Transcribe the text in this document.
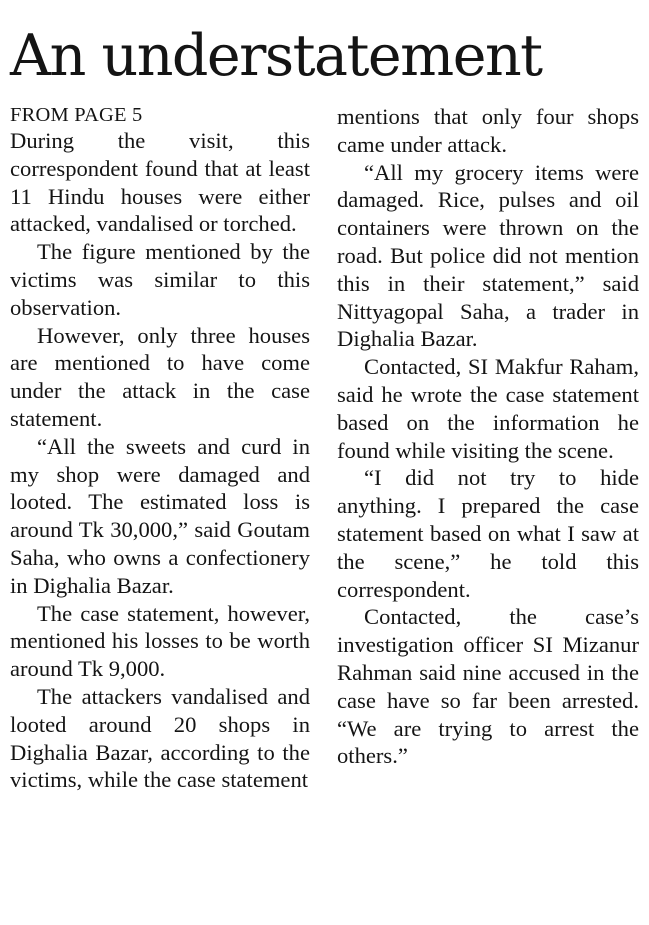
An understatement
FROM PAGE 5

During the visit, this correspondent found that at least 11 Hindu houses were either attacked, vandalised or torched.

The figure mentioned by the victims was similar to this observation.

However, only three houses are mentioned to have come under the attack in the case statement.

“All the sweets and curd in my shop were damaged and looted. The estimated loss is around Tk 30,000,” said Goutam Saha, who owns a confectionery in Dighalia Bazar.

The case statement, however, mentioned his losses to be worth around Tk 9,000.

The attackers vandalised and looted around 20 shops in Dighalia Bazar, according to the victims, while the case statement

mentions that only four shops came under attack.

“All my grocery items were damaged. Rice, pulses and oil containers were thrown on the road. But police did not mention this in their statement,” said Nittyagopal Saha, a trader in Dighalia Bazar.

Contacted, SI Makfur Raham, said he wrote the case statement based on the information he found while visiting the scene.

“I did not try to hide anything. I prepared the case statement based on what I saw at the scene,” he told this correspondent.

Contacted, the case’s investigation officer SI Mizanur Rahman said nine accused in the case have so far been arrested. “We are trying to arrest the others.”
